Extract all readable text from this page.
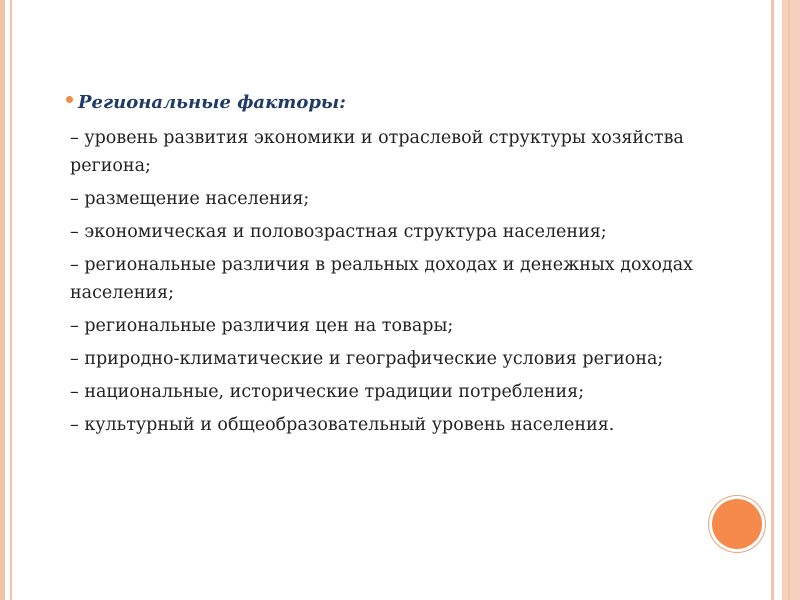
Региональные факторы:
– уровень развития экономики и отраслевой структуры хозяйства региона;
– размещение населения;
– экономическая и половозрастная структура населения;
– региональные различия в реальных доходах и денежных доходах населения;
– региональные различия цен на товары;
– природно-климатические и географические условия региона;
– национальные, исторические традиции потребления;
– культурный и общеобразовательный уровень населения.
